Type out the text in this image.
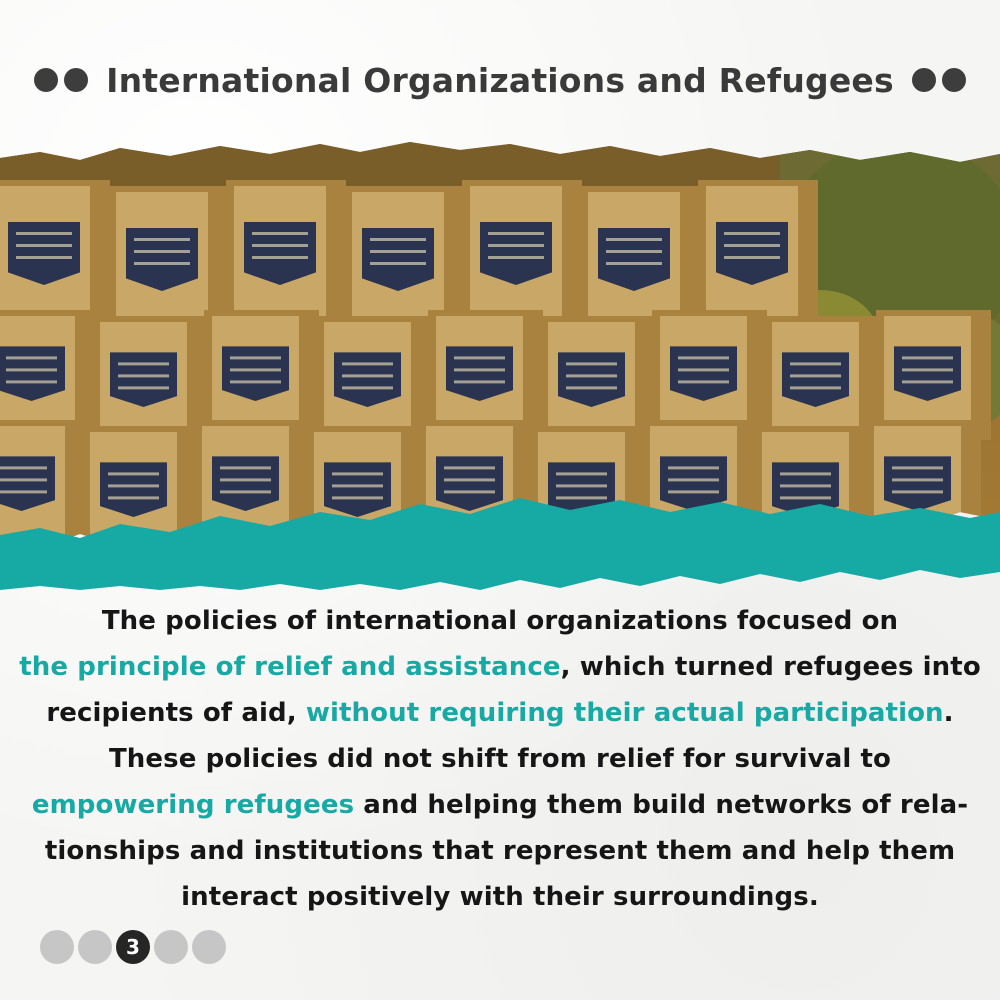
International Organizations and Refugees
The policies of international organizations focused on
the principle of relief and assistance, which turned refugees into
recipients of aid, without requiring their actual participation.
These policies did not shift from relief for survival to
empowering refugees and helping them build networks of rela-
tionships and institutions that represent them and help them
interact positively with their surroundings.
3
